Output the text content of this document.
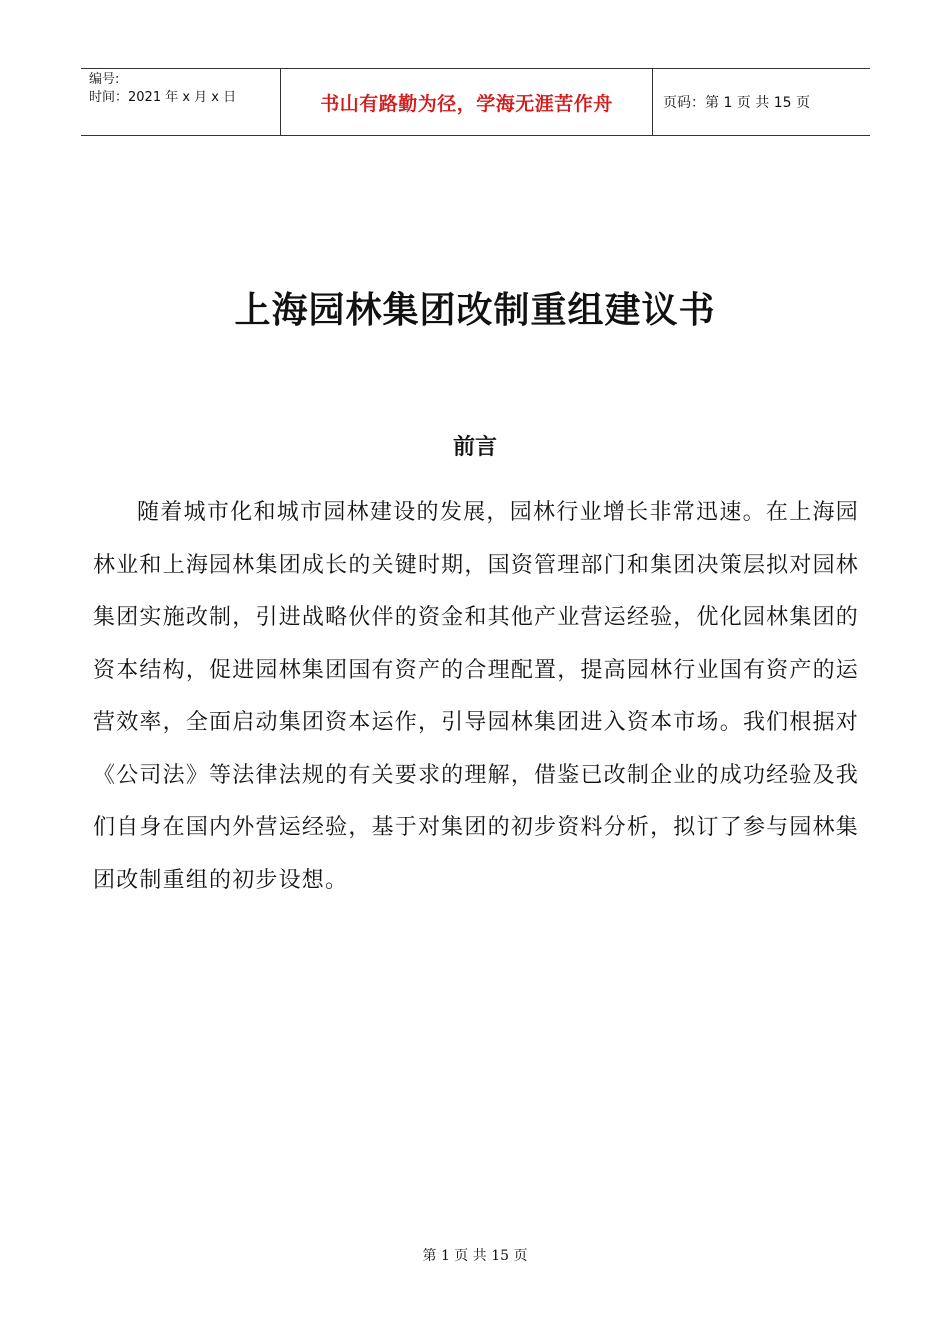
编号:
时间：2021 年 x 月 x 日	书山有路勤为径，学海无涯苦作舟	页码：第 1 页 共 15 页
上海园林集团改制重组建议书
前言

随着城市化和城市园林建设的发展，园林行业增长非常迅速。在上海园林业和上海园林集团成长的关键时期，国资管理部门和集团决策层拟对园林集团实施改制，引进战略伙伴的资金和其他产业营运经验，优化园林集团的资本结构，促进园林集团国有资产的合理配置，提高园林行业国有资产的运营效率，全面启动集团资本运作，引导园林集团进入资本市场。我们根据对《公司法》等法律法规的有关要求的理解，借鉴已改制企业的成功经验及我们自身在国内外营运经验，基于对集团的初步资料分析，拟订了参与园林集团改制重组的初步设想。

第 1 页 共 15 页
